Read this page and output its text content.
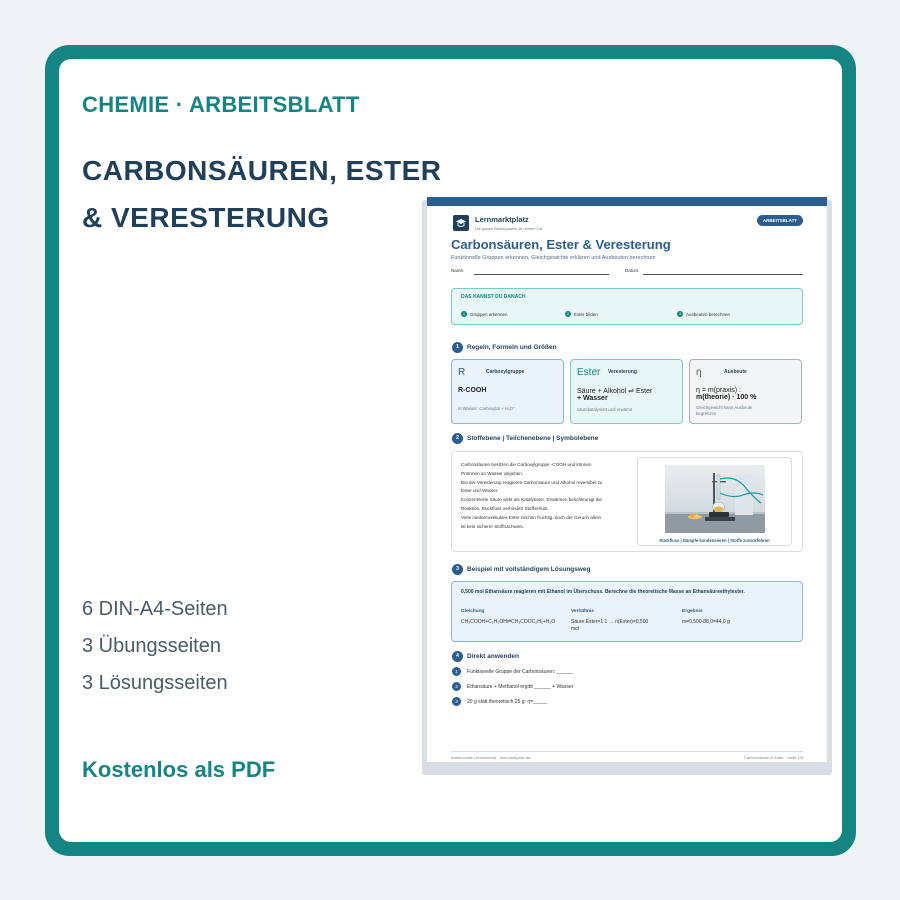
CHEMIE · ARBEITSBLATT
CARBONSÄUREN, ESTER
& VERESTERUNG
6 DIN-A4-Seiten
3 Übungsseiten
3 Lösungsseiten
Kostenlos als PDF
Lernmarktplatz
Die ganze Bildungswelt. An einem Ort.
ARBEITSBLATT
Carbonsäuren, Ester & Veresterung
Funktionelle Gruppen erkennen, Gleichgewichte erklären und Ausbeuten berechnen
Name:	Datum:
DAS KANNST DU DANACH
1	Gruppen erkennen	2	Ester bilden	3	Ausbeuten berechnen
1	Regeln, Formeln und Größen
R	Carboxylgruppe
R-COOH
in Wasser: Carboxylat + H₃O⁺
Ester Veresterung
Säure + Alkohol ⇌ Ester
+ Wasser
säurekatalysiert und erwärmt
η	Ausbeute
η = m(praxis) :
m(theorie) · 100 %
Gleichgewicht kann Ausbeute
begrenzen
2	Stoffebene | Teilchenebene | Symbolebene
Carbonsäuren besitzen die Carboxylgruppe -COOH und können
Protonen an Wasser abgeben.
Bei der Veresterung reagieren Carbonsäure und Alkohol reversibel zu
Ester und Wasser.
Konzentrierte Säure wirkt als Katalysator; Erwärmen beschleunigt die
Reaktion, Rückfluss verhindert Stoffverlust.
Viele niedermolekulare Ester riechen fruchtig, doch der Geruch allein
ist kein sicherer Stoffnachweis.
Rückfluss | Dämpfe kondensieren | Stoffe zurückführen
3	Beispiel mit vollständigem Lösungsweg
0,500 mol Ethansäure reagieren mit Ethanol im Überschuss. Berechne die theoretische Masse an Ethansäureethylester.
Gleichung
CH₃COOH+C₂H₅OH⇌CH₃COOC₂H₅+H₂O
Verhältnis
Säure:Ester=1:1 → n(Ester)=0,500
mol
Ergebnis
m=0,500·88,0=44,0 g
4	Direkt anwenden
1	Funktionelle Gruppe der Carbonsäuren: ______
2	Ethansäure + Methanol ergibt ______ + Wasser
3	20 g statt theoretisch 25 g: η=_____
Kostenloses Lernmaterial · lernmarktplatz.de	Carbonsäuren & Ester · Seite 1/6
